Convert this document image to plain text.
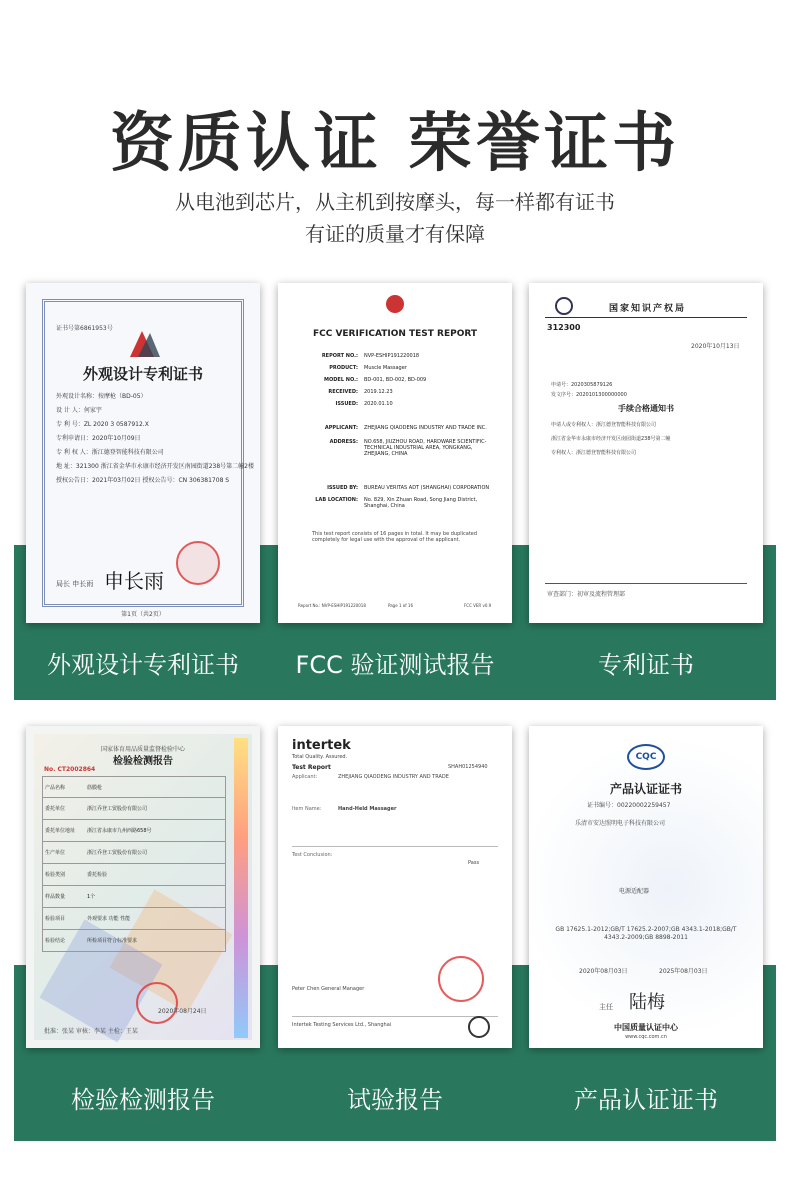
资质认证 荣誉证书
从电池到芯片，从主机到按摩头，每一样都有证书
有证的质量才有保障
证书号第6861953号
外观设计专利证书
外观设计名称：按摩枪（BD-05）
设 计 人：何家宇
专 利 号：ZL 2020 3 0587912.X
专利申请日：2020年10月09日
专 利 权 人：浙江德登智能科技有限公司
地 址：321300 浙江省金华市永康市经济开发区南园街道238号第二幢2楼
授权公告日：2021年03月02日 授权公告号：CN 306381708 S
局长 申长雨 申长雨
第1页（共2页）
外观设计专利证书
FCC VERIFICATION TEST REPORT
REPORT NO.: NVP-ESHIP191220018
PRODUCT: Muscle Massager
MODEL NO.: BD-001, BD-002, BD-009
RECEIVED: 2019.12.23
ISSUED: 2020.01.10
APPLICANT: ZHEJIANG QIAODENG INDUSTRY AND TRADE INC.
ADDRESS: NO.658, JIUZHOU ROAD, HARDWARE SCIENTIFIC-TECHNICAL INDUSTRIAL AREA, YONGKANG, ZHEJIANG, CHINA
ISSUED BY: BUREAU VERITAS ADT (SHANGHAI) CORPORATION
LAB LOCATION: No. 829, Xin Zhuan Road, Song Jiang District, Shanghai, China
This test report consists of 16 pages in total. It may be duplicated completely for legal use with the approval of the applicant.
Report No.: NVP-ESHIP191220018	Page 1 of 16	FCC VER v0.9
FCC 验证测试报告
国家知识产权局
312300
2020年10月13日
手续合格通知书
申请号：2020305879126
发文序号：2020101300000000
申请人或专利权人：浙江德登智能科技有限公司
浙江省金华市永康市经济开发区南园街道238号第二幢
专利权人：浙江德登智能科技有限公司
审查部门：初审及流程管理部
专利证书
国家体育用品质量监督检验中心
检验检测报告
No. CT2002864
产品名称	筋膜枪
委托单位	浙江乔登工贸股份有限公司
委托单位地址	浙江省永康市九州西路658号
生产单位	浙江乔登工贸股份有限公司
检验类别	委托检验
样品数量	1个
检验项目	外观要求 功能 性能
检验结论	所检项目符合标准要求
2020年08月24日
批准：张某 审核：李某 主检：王某
检验检测报告
intertek
Total Quality. Assured.
Test Report	SHAH01254940
Applicant:	ZHEJIANG QIAODENG INDUSTRY AND TRADE
Item Name:	Hand-Held Massager
Test Conclusion:
Pass
Peter Chen General Manager
Intertek Testing Services Ltd., Shanghai
试验报告
CQC
产品认证证书
证书编号：00220002259457
乐清市安达照明电子科技有限公司
电源适配器
GB 17625.1-2012;GB/T 17625.2-2007;GB 4343.1-2018;GB/T 4343.2-2009;GB 8898-2011
2020年08月03日	2025年08月03日
主任 陆梅
中国质量认证中心
www.cqc.com.cn
产品认证证书
